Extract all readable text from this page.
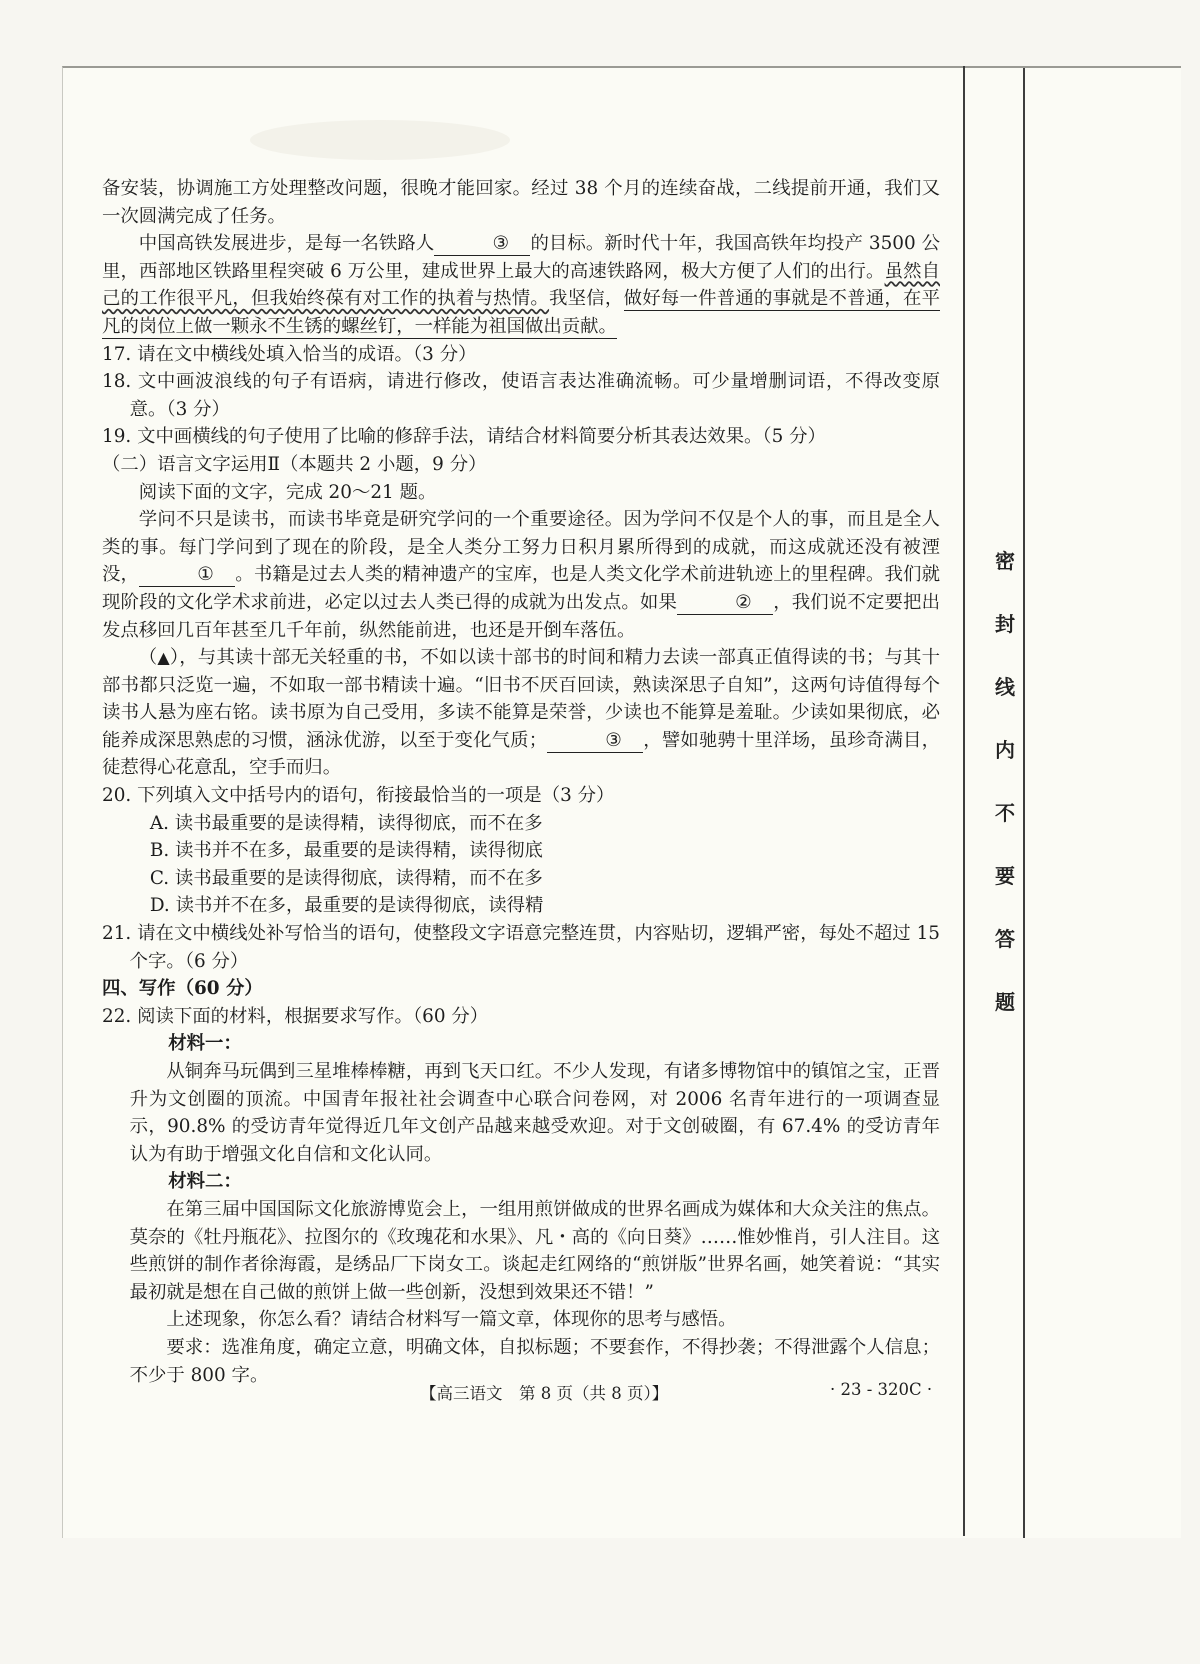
密
封
线
内
不
要
答
题

备安装，协调施工方处理整改问题，很晚才能回家。经过 38 个月的连续奋战，二线提前开通，我们又一次圆满完成了任务。

中国高铁发展进步，是每一名铁路人	③ 的目标。新时代十年，我国高铁年均投产 3500 公里，西部地区铁路里程突破 6 万公里，建成世界上最大的高速铁路网，极大方便了人们的出行。虽然自己的工作很平凡，但我始终葆有对工作的执着与热情。我坚信，做好每一件普通的事就是不普通，在平凡的岗位上做一颗永不生锈的螺丝钉，一样能为祖国做出贡献。

17. 请在文中横线处填入恰当的成语。（3 分）

18. 文中画波浪线的句子有语病，请进行修改，使语言表达准确流畅。可少量增删词语，不得改变原意。（3 分）

19. 文中画横线的句子使用了比喻的修辞手法，请结合材料简要分析其表达效果。（5 分）

（二）语言文字运用Ⅱ（本题共 2 小题，9 分）

阅读下面的文字，完成 20～21 题。

学问不只是读书，而读书毕竟是研究学问的一个重要途径。因为学问不仅是个人的事，而且是全人类的事。每门学问到了现在的阶段，是全人类分工努力日积月累所得到的成就，而这成就还没有被湮没，	① 。书籍是过去人类的精神遗产的宝库，也是人类文化学术前进轨迹上的里程碑。我们就现阶段的文化学术求前进，必定以过去人类已得的成就为出发点。如果	② ，我们说不定要把出发点移回几百年甚至几千年前，纵然能前进，也还是开倒车落伍。

（▲），与其读十部无关轻重的书，不如以读十部书的时间和精力去读一部真正值得读的书；与其十部书都只泛览一遍，不如取一部书精读十遍。“旧书不厌百回读，熟读深思子自知”，这两句诗值得每个读书人悬为座右铭。读书原为自己受用，多读不能算是荣誉，少读也不能算是羞耻。少读如果彻底，必能养成深思熟虑的习惯，涵泳优游，以至于变化气质；	③ ，譬如驰骋十里洋场，虽珍奇满目，徒惹得心花意乱，空手而归。

20. 下列填入文中括号内的语句，衔接最恰当的一项是（3 分）

A. 读书最重要的是读得精，读得彻底，而不在多

B. 读书并不在多，最重要的是读得精，读得彻底

C. 读书最重要的是读得彻底，读得精，而不在多

D. 读书并不在多，最重要的是读得彻底，读得精

21. 请在文中横线处补写恰当的语句，使整段文字语意完整连贯，内容贴切，逻辑严密，每处不超过 15 个字。（6 分）

四、写作（60 分）

22. 阅读下面的材料，根据要求写作。（60 分）

材料一：

从铜奔马玩偶到三星堆棒棒糖，再到飞天口红。不少人发现，有诸多博物馆中的镇馆之宝，正晋升为文创圈的顶流。中国青年报社社会调查中心联合问卷网，对 2006 名青年进行的一项调查显示，90.8% 的受访青年觉得近几年文创产品越来越受欢迎。对于文创破圈，有 67.4% 的受访青年认为有助于增强文化自信和文化认同。

材料二：

在第三届中国国际文化旅游博览会上，一组用煎饼做成的世界名画成为媒体和大众关注的焦点。莫奈的《牡丹瓶花》、拉图尔的《玫瑰花和水果》、凡・高的《向日葵》……惟妙惟肖，引人注目。这些煎饼的制作者徐海霞，是绣品厂下岗女工。谈起走红网络的“煎饼版”世界名画，她笑着说：“其实最初就是想在自己做的煎饼上做一些创新，没想到效果还不错！”

上述现象，你怎么看？请结合材料写一篇文章，体现你的思考与感悟。

要求：选准角度，确定立意，明确文体，自拟标题；不要套作，不得抄袭；不得泄露个人信息；不少于 800 字。

【高三语文　第 8 页（共 8 页）】	· 23 - 320C ·
